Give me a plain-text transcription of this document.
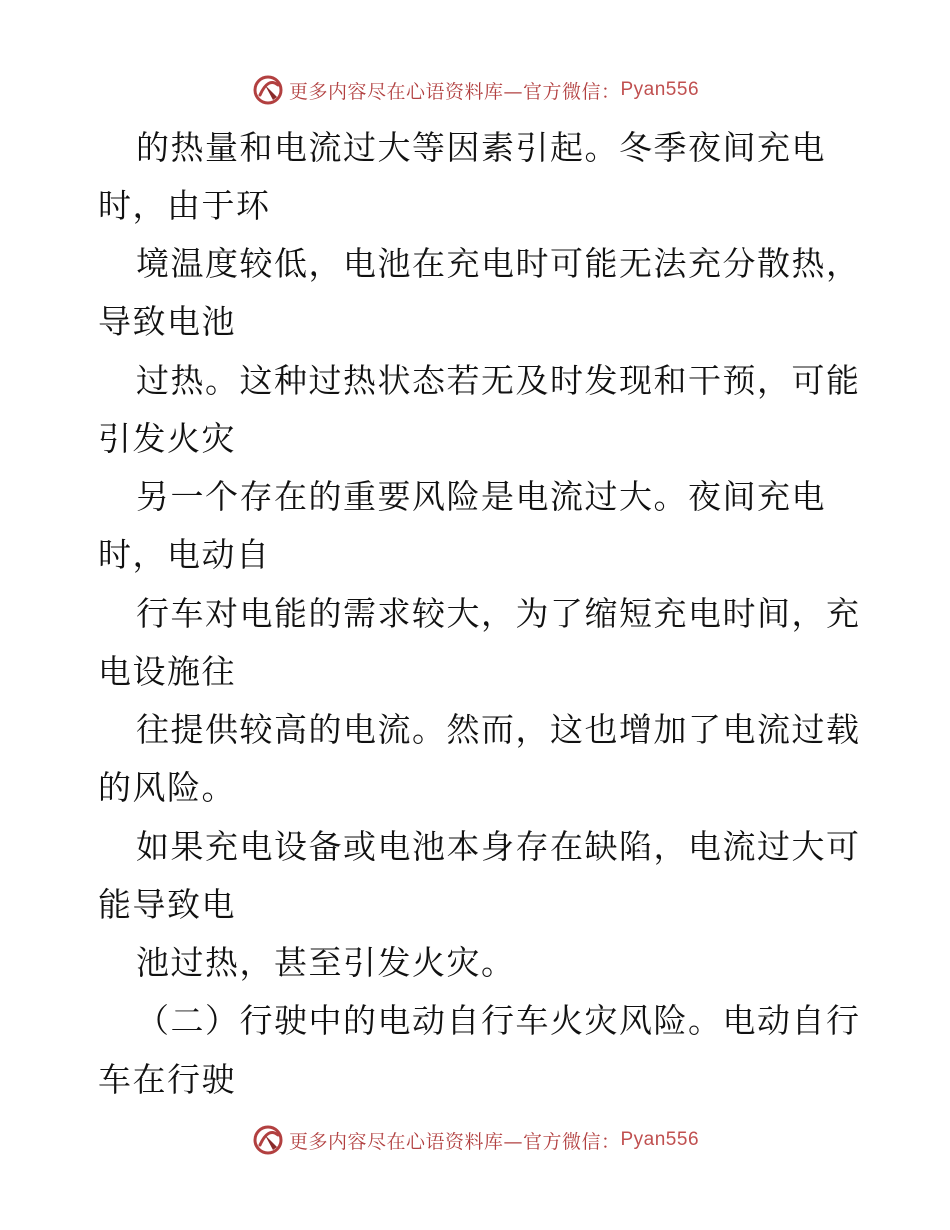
更多内容尽在心语资料库—官方微信： Pyan556
的热量和电流过大等因素引起。冬季夜间充电
时，由于环
境温度较低，电池在充电时可能无法充分散热，
导致电池
过热。这种过热状态若无及时发现和干预，可能
引发火灾
另一个存在的重要风险是电流过大。夜间充电
时，电动自
行车对电能的需求较大，为了缩短充电时间，充
电设施往
往提供较高的电流。然而，这也增加了电流过载
的风险。
如果充电设备或电池本身存在缺陷，电流过大可
能导致电
池过热，甚至引发火灾。
（二）行驶中的电动自行车火灾风险。电动自行
车在行驶
更多内容尽在心语资料库—官方微信： Pyan556
